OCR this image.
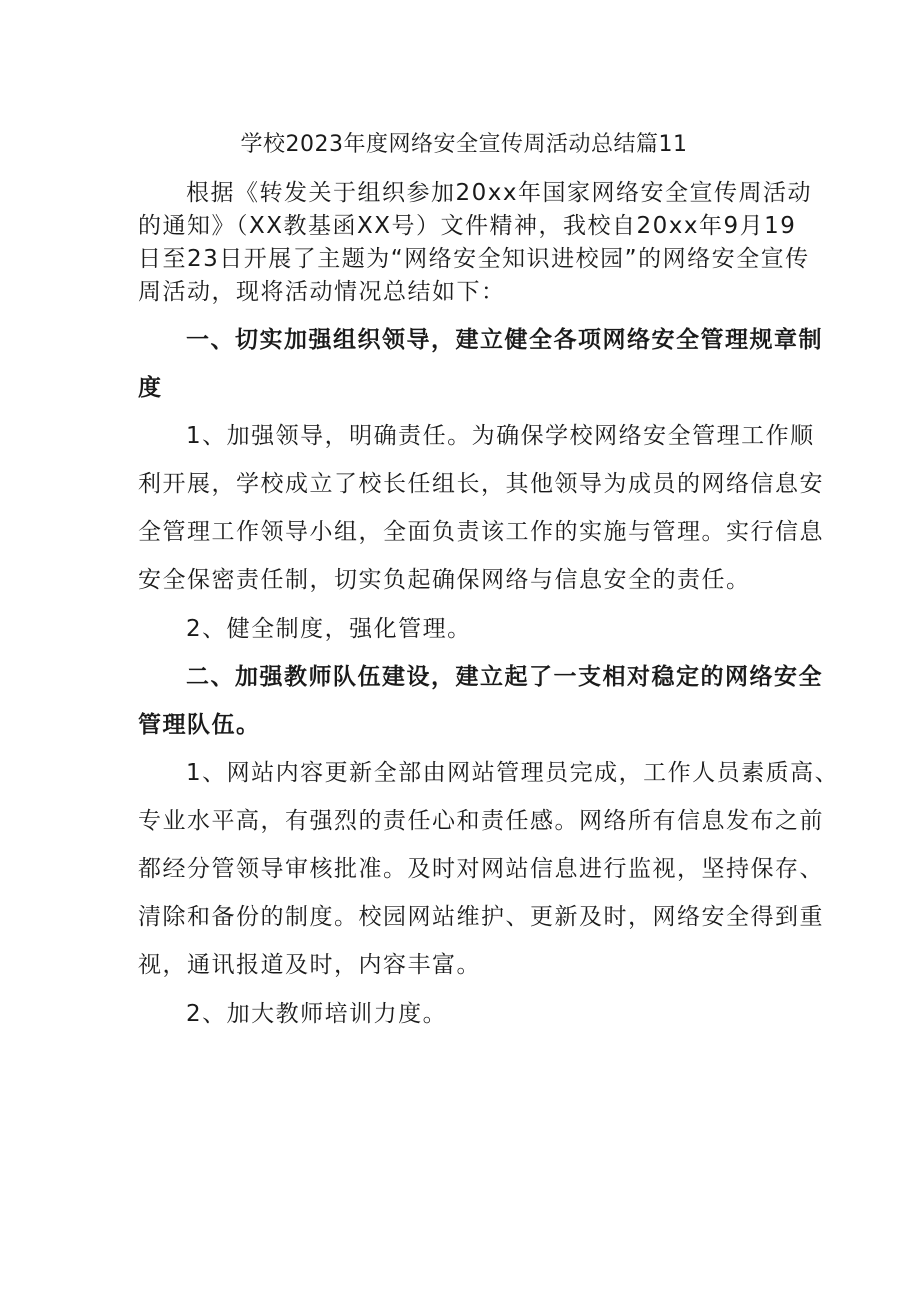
学校2023年度网络安全宣传周活动总结篇11
根据《转发关于组织参加20xx年国家网络安全宣传周活动
的通知》（XX教基函XX号）文件精神，我校自20xx年9月19
日至23日开展了主题为“网络安全知识进校园”的网络安全宣传
周活动，现将活动情况总结如下：
一、切实加强组织领导，建立健全各项网络安全管理规章制
度
1、加强领导，明确责任。为确保学校网络安全管理工作顺
利开展，学校成立了校长任组长，其他领导为成员的网络信息安
全管理工作领导小组，全面负责该工作的实施与管理。实行信息
安全保密责任制，切实负起确保网络与信息安全的责任。
2、健全制度，强化管理。
二、加强教师队伍建设，建立起了一支相对稳定的网络安全
管理队伍。
1、网站内容更新全部由网站管理员完成，工作人员素质高、
专业水平高，有强烈的责任心和责任感。网络所有信息发布之前
都经分管领导审核批准。及时对网站信息进行监视，坚持保存、
清除和备份的制度。校园网站维护、更新及时，网络安全得到重
视，通讯报道及时，内容丰富。
2、加大教师培训力度。
